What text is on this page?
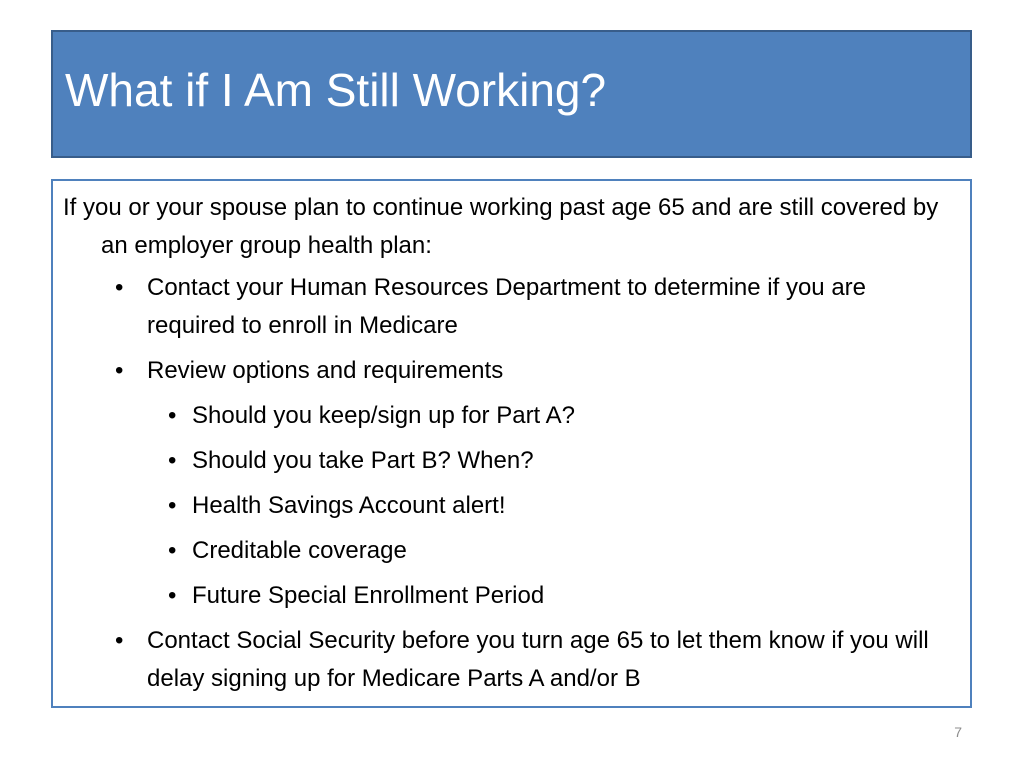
What if I Am Still Working?

If you or your spouse plan to continue working past age 65 and are still covered by an employer group health plan:

• Contact your Human Resources Department to determine if you are required to enroll in Medicare
• Review options and requirements
• Should you keep/sign up for Part A?
• Should you take Part B? When?
• Health Savings Account alert!
• Creditable coverage
• Future Special Enrollment Period
• Contact Social Security before you turn age 65 to let them know if you will delay signing up for Medicare Parts A and/or B
7
